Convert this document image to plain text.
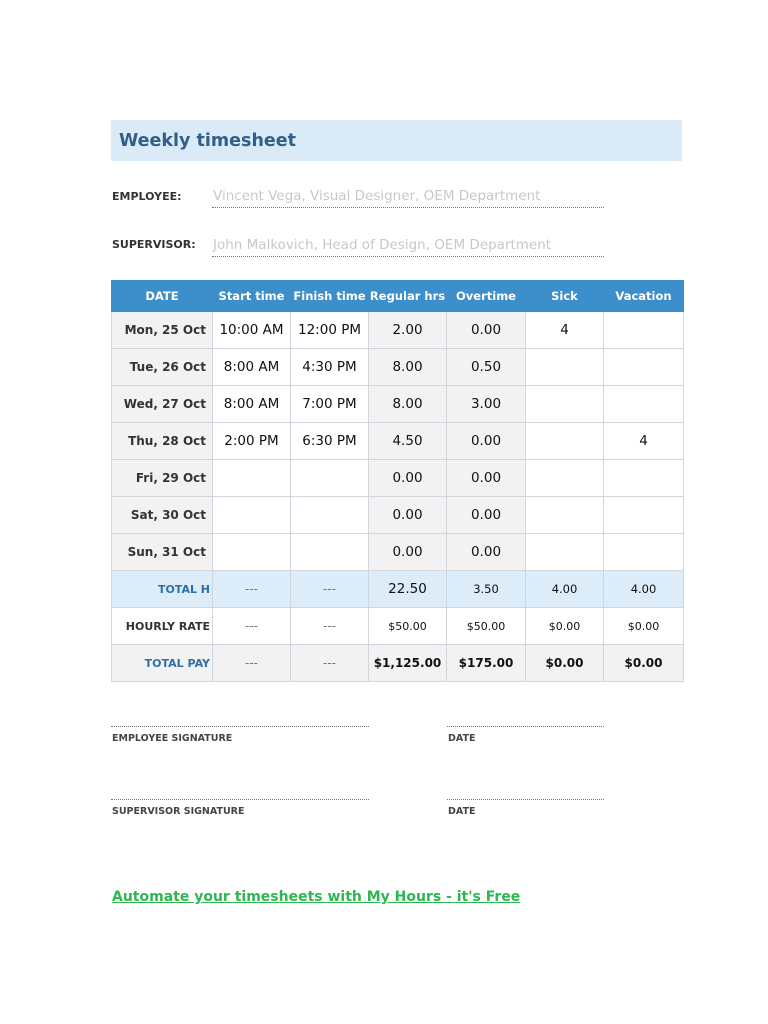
Weekly timesheet
EMPLOYEE: Vincent Vega, Visual Designer, OEM Department
SUPERVISOR: John Malkovich, Head of Design, OEM Department
DATE	Start time	Finish time	Regular hrs	Overtime	Sick	Vacation
Mon, 25 Oct	10:00 AM	12:00 PM	2.00	0.00	4	
Tue, 26 Oct	8:00 AM	4:30 PM	8.00	0.50		
Wed, 27 Oct	8:00 AM	7:00 PM	8.00	3.00		
Thu, 28 Oct	2:00 PM	6:30 PM	4.50	0.00		4
Fri, 29 Oct			0.00	0.00		
Sat, 30 Oct			0.00	0.00		
Sun, 31 Oct			0.00	0.00		
TOTAL H	---	---	22.50	3.50	4.00	4.00
HOURLY RATE	---	---	$50.00	$50.00	$0.00	$0.00
TOTAL PAY	---	---	$1,125.00	$175.00	$0.00	$0.00
EMPLOYEE SIGNATURE	DATE
SUPERVISOR SIGNATURE	DATE
Automate your timesheets with My Hours - it's Free
